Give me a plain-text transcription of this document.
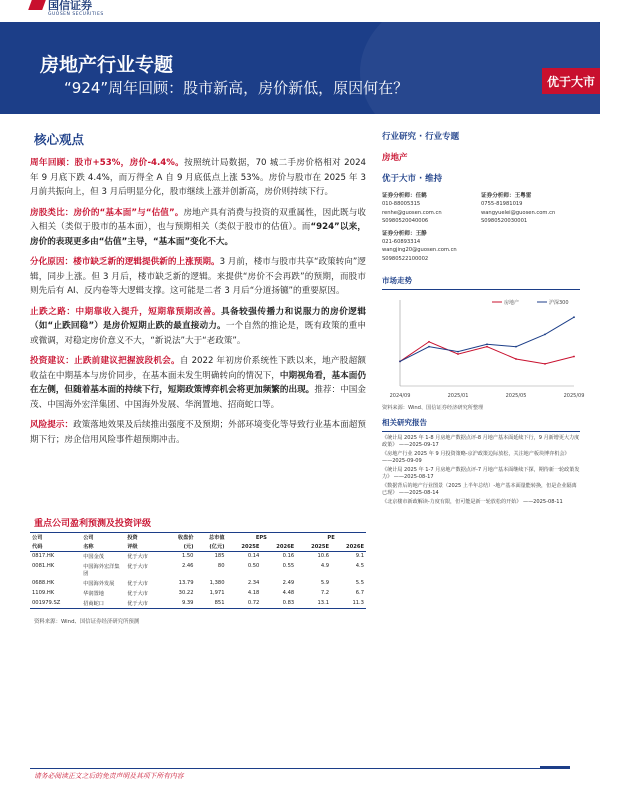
国信证券
GUOSEN SECURITIES
房地产行业专题
“924”周年回顾：股市新高，房价新低，原因何在？	优于大市
核心观点

周年回顾：股市+53%，房价-4.4%。按照统计局数据，70 城二手房价格相对 2024 年 9 月底下跌 4.4%，而万得全 A 自 9 月底低点上涨 53%。房价与股市在 2025 年 3 月前共振向上，但 3 月后明显分化，股市继续上涨并创新高，房价则持续下行。

房股类比：房价的“基本面”与“估值”。房地产具有消费与投资的双重属性，因此既与收入相关（类似于股市的基本面），也与预期相关（类似于股市的估值）。而“924”以来，房价的表现更多由“估值”主导，“基本面”变化不大。

分化原因：楼市缺乏新的逻辑提供新的上涨预期。3 月前，楼市与股市共享“政策转向”逻辑，同步上涨。但 3 月后，楼市缺乏新的逻辑。来提供“房价不会再跌”的预期，而股市则先后有 AI、反内卷等大逻辑支撑。这可能是二者 3 月后“分道扬镳”的重要原因。

止跌之路：中期靠收入提升，短期靠预期改善。具备较强传播力和说服力的房价逻辑（如“止跌回稳”）是房价短期止跌的最直接动力。一个自然的推论是，既有政策的重申或微调，对稳定房价意义不大，“新说法”大于“老政策”。

投资建议：止跌前建议把握波段机会。自 2022 年初房价系统性下跌以来，地产股超额收益在中期基本与房价同步，在基本面未发生明确转向的情况下，中期视角看，基本面仍在左侧，但随着基本面的持续下行，短期政策博弈机会将更加频繁的出现。推荐：中国金茂、中国海外宏洋集团、中国海外发展、华润置地、招商蛇口等。

风险提示：政策落地效果及后续推出强度不及预期；外部环境变化等导致行业基本面超预期下行；房企信用风险事件超预期冲击。

重点公司盈利预测及投资评级
公司	公司	投资	收盘价	总市值	EPS		PE	
代码	名称	评级	(元)	(亿元)	2025E	2026E	2025E	2026E
0817.HK	中国金茂	优于大市	1.50	185	0.14	0.16	10.6	9.1
0081.HK	中国海外宏洋集团	优于大市	2.46	80	0.50	0.55	4.9	4.5
0688.HK	中国海外发展	优于大市	13.79	1,380	2.34	2.49	5.9	5.5
1109.HK	华润置地	优于大市	30.22	1,971	4.18	4.48	7.2	6.7
001979.SZ	招商蛇口	优于大市	9.39	851	0.72	0.83	13.1	11.3
资料来源：Wind、国信证券经济研究所预测
行业研究 · 行业专题
房地产
优于大市 · 维持
证券分析师：任鹤
010-88005315
renhe@guosen.com.cn
S0980520040006
证券分析师：王粤雷
0755-81981019
wangyuelei@guosen.com.cn
S0980520030001
证券分析师：王静
021-60893314
wangjing20@guosen.com.cn
S0980522100002
市场走势
2024/09	2025/01	2025/05	2025/09
房地产	沪深300
资料来源：Wind、国信证券经济研究所整理
相关研究报告
《统计局 2025 年 1-8 月房地产数据点评-8 月地产基本面延续下行，9 月新增更大力度政策》 ——2025-09-17
《房地产行业 2025 年 9 月投资策略-京沪政策边际放松，关注地产板块博弈机会》 ——2025-09-09
《统计局 2025 年 1-7 月房地产数据点评-7 月地产基本面继续下探，期待新一轮政策发力》 ——2025-08-17
《数据背后的地产行业图景（2025 上半年总结）-地产基本面量能转换，但是企业隔离已现》 ——2025-08-14
《北京楼市新政解读-力度有限，但可能是新一轮放松的开始》 ——2025-08-11
请务必阅读正文之后的免责声明及其项下所有内容
